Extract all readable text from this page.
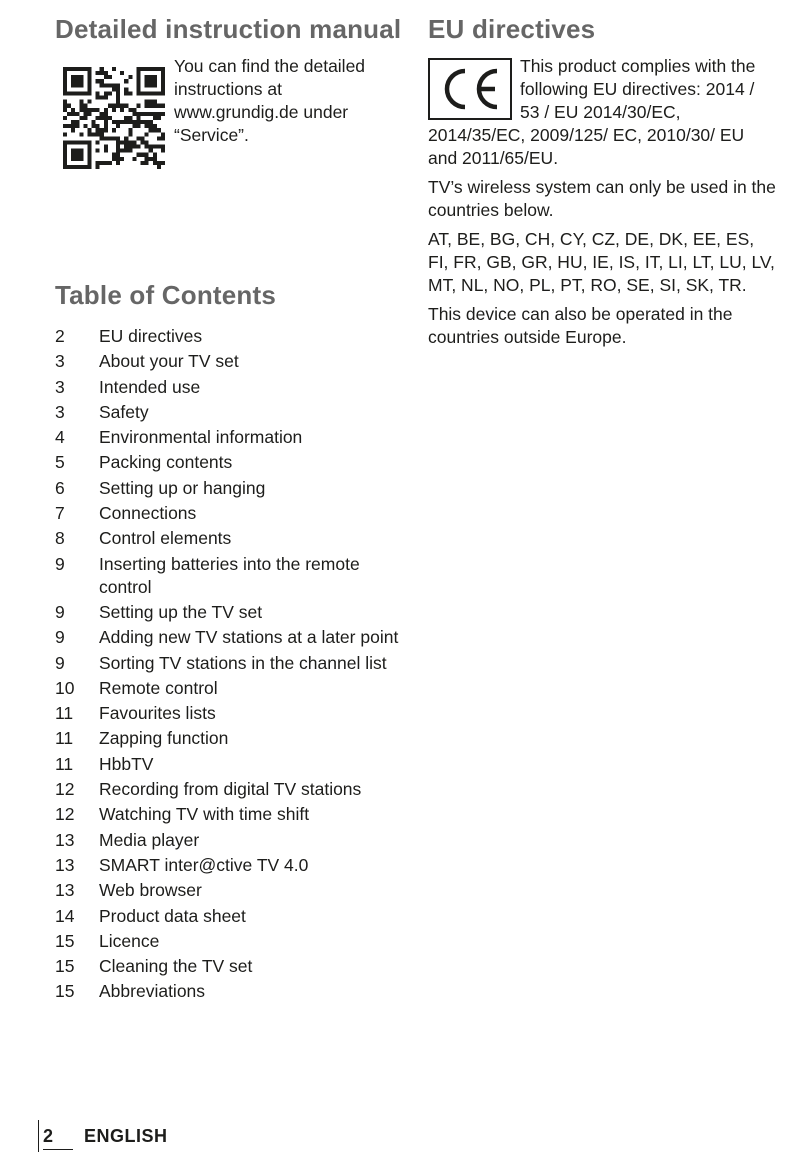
Detailed instruction manual
You can find the detailed instructions at www.grundig.de under “Service”.
Table of Contents
2	EU directives
3	About your TV set
3	Intended use
3	Safety
4	Environmental information
5	Packing contents
6	Setting up or hanging
7	Connections
8	Control elements
9	Inserting batteries into the remote control
9	Setting up the TV set
9	Adding new TV stations at a later point
9	Sorting TV stations in the channel list
10	Remote control
11	Favourites lists
11	Zapping function
11	HbbTV
12	Recording from digital TV stations
12	Watching TV with time shift
13	Media player
13	SMART inter@ctive TV 4.0
13	Web browser
14	Product data sheet
15	Licence
15	Cleaning the TV set
15	Abbreviations
EU directives

This product complies with the following EU directives: 2014 / 53 / EU 2014/30/EC, 2014/35/EC, 2009/125/ EC, 2010/30/ EU and 2011/65/EU.

TV’s wireless system can only be used in the countries below.

AT, BE, BG, CH, CY, CZ, DE, DK, EE, ES, FI, FR, GB, GR, HU, IE, IS, IT, LI, LT, LU, LV, MT, NL, NO, PL, PT, RO, SE, SI, SK, TR.

This device can also be operated in the countries outside Europe.

2	ENGLISH
